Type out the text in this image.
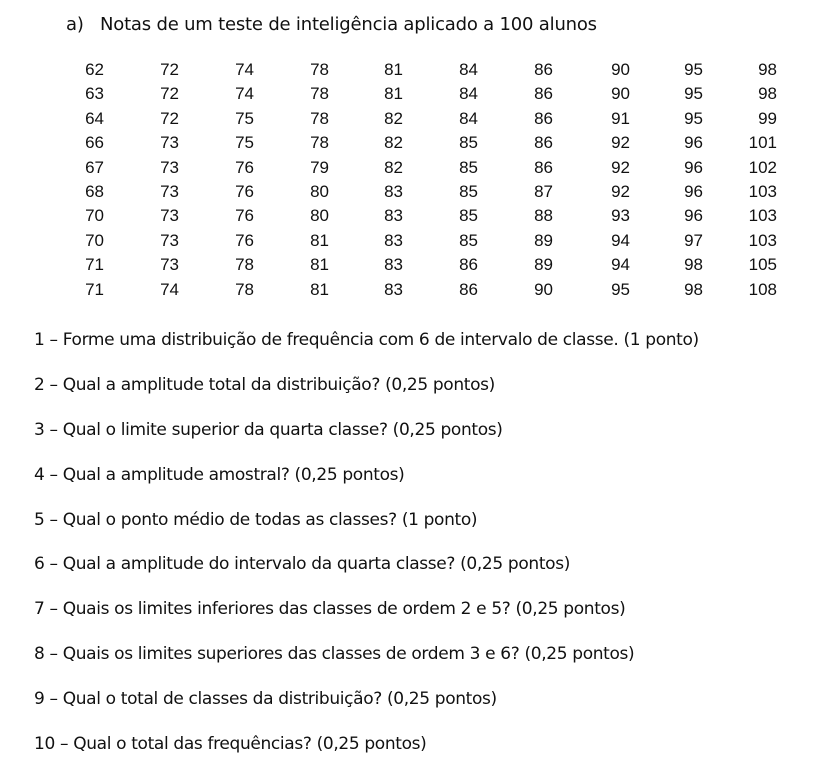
a) Notas de um teste de inteligência aplicado a 100 alunos
62	72	74	78	81	84	86	90	95	98
63	72	74	78	81	84	86	90	95	98
64	72	75	78	82	84	86	91	95	99
66	73	75	78	82	85	86	92	96	101
67	73	76	79	82	85	86	92	96	102
68	73	76	80	83	85	87	92	96	103
70	73	76	80	83	85	88	93	96	103
70	73	76	81	83	85	89	94	97	103
71	73	78	81	83	86	89	94	98	105
71	74	78	81	83	86	90	95	98	108
1 – Forme uma distribuição de frequência com 6 de intervalo de classe. (1 ponto)
2 – Qual a amplitude total da distribuição? (0,25 pontos)
3 – Qual o limite superior da quarta classe? (0,25 pontos)
4 – Qual a amplitude amostral? (0,25 pontos)
5 – Qual o ponto médio de todas as classes? (1 ponto)
6 – Qual a amplitude do intervalo da quarta classe? (0,25 pontos)
7 – Quais os limites inferiores das classes de ordem 2 e 5? (0,25 pontos)
8 – Quais os limites superiores das classes de ordem 3 e 6? (0,25 pontos)
9 – Qual o total de classes da distribuição? (0,25 pontos)
10 – Qual o total das frequências? (0,25 pontos)
